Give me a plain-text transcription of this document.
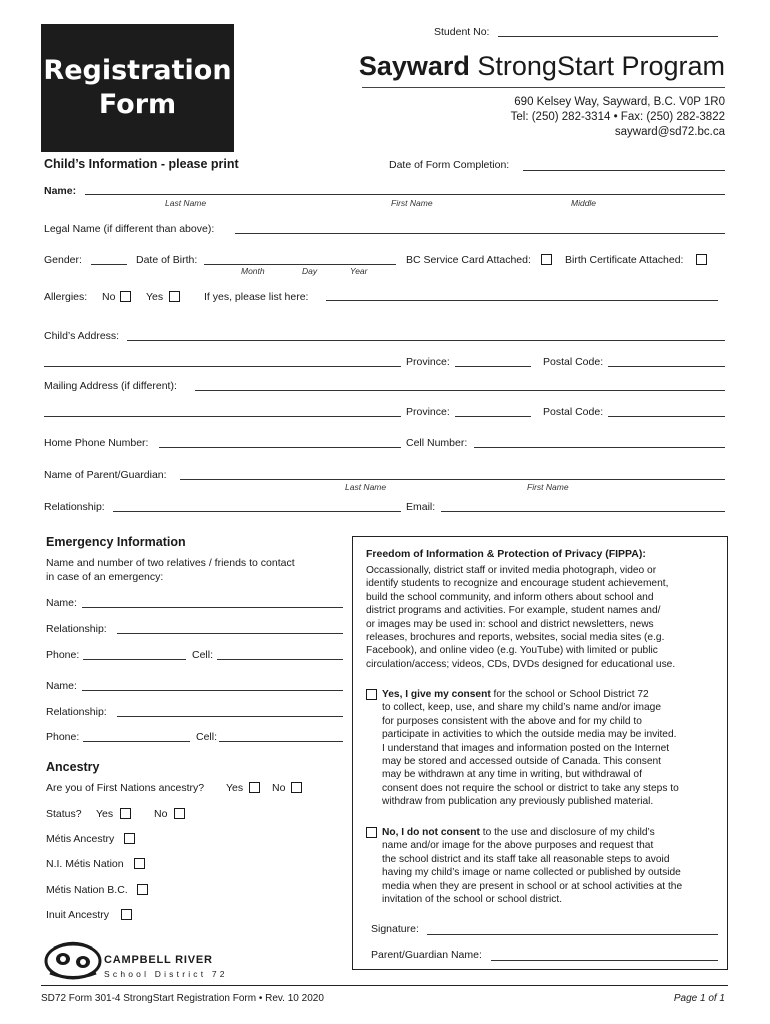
Student No:
Registration
Form
Sayward StrongStart Program
690 Kelsey Way, Sayward, B.C. V0P 1R0
Tel: (250) 282-3314 • Fax: (250) 282-3822
sayward@sd72.bc.ca
Child’s Information - please print	Date of Form Completion:
Name:
Last Name	First Name	Middle
Legal Name (if different than above):
Gender:	Date of Birth:
Month	Day	Year
BC Service Card Attached:	Birth Certificate Attached:
Allergies: No	Yes	If yes, please list here:
Child’s Address:
Province:	Postal Code:
Mailing Address (if different):
Province:	Postal Code:
Home Phone Number:	Cell Number:
Name of Parent/Guardian:
Last Name	First Name
Relationship:	Email:
Emergency Information
Name and number of two relatives / friends to contact
in case of an emergency:
Name:
Relationship:
Phone:	Cell:
Name:
Relationship:
Phone:	Cell:
Ancestry
Are you of First Nations ancestry? Yes	No
Status? Yes	No
Métis Ancestry
N.I. Métis Nation
Métis Nation B.C.
Inuit Ancestry
Freedom of Information & Protection of Privacy (FIPPA):
Occassionally, district staff or invited media photograph, video or
identify students to recognize and encourage student achievement,
build the school community, and inform others about school and
district programs and activities. For example, student names and/
or images may be used in: school and district newsletters, news
releases, brochures and reports, websites, social media sites (e.g.
Facebook), and online video (e.g. YouTube) with limited or public
circulation/access; videos, CDs, DVDs designed for educational use.
Yes, I give my consent for the school or School District 72
to collect, keep, use, and share my child’s name and/or image
for purposes consistent with the above and for my child to
participate in activities to which the outside media may be invited.
I understand that images and information posted on the Internet
may be stored and accessed outside of Canada. This consent
may be withdrawn at any time in writing, but withdrawal of
consent does not require the school or district to take any steps to
withdraw from publication any previously published material.
No, I do not consent to the use and disclosure of my child’s
name and/or image for the above purposes and request that
the school district and its staff take all reasonable steps to avoid
having my child’s image or name collected or published by outside
media when they are present in school or at school activities at the
invitation of the school or school district.
Signature:
Parent/Guardian Name:
CAMPBELL RIVER
School District 72
SD72 Form 301-4 StrongStart Registration Form • Rev. 10 2020	Page 1 of 1
